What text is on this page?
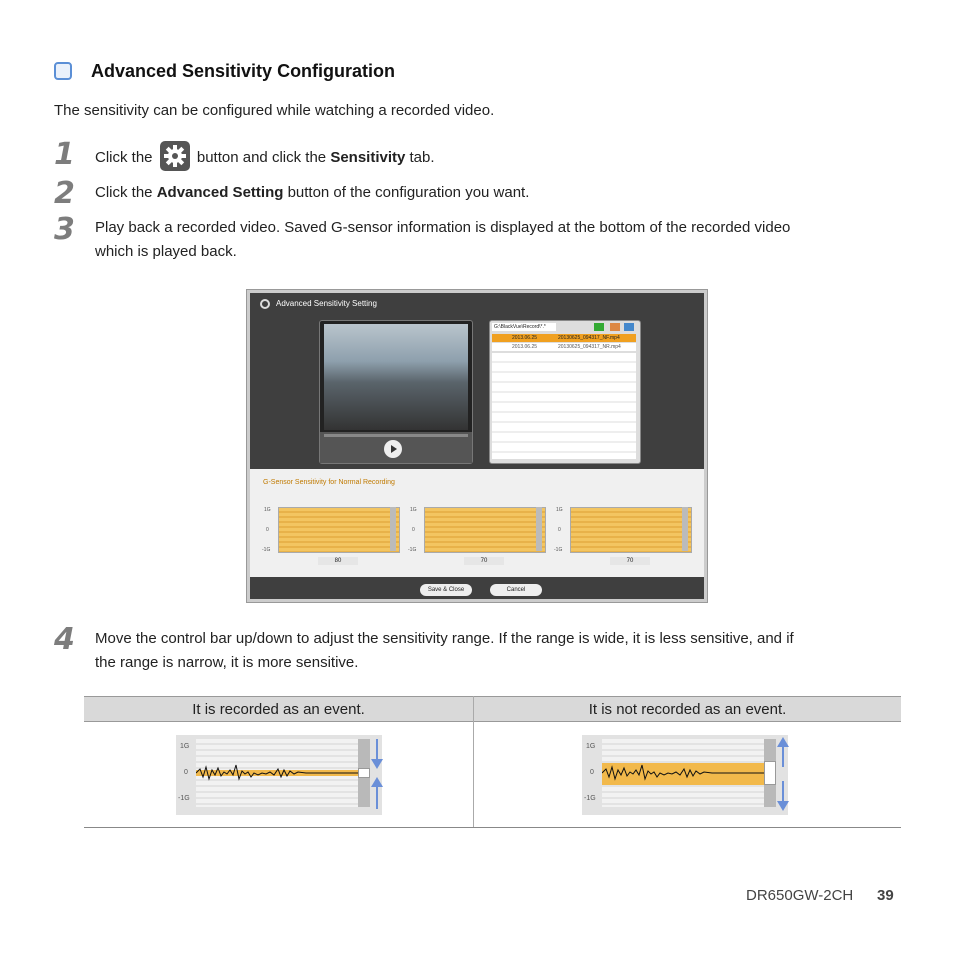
Advanced Sensitivity Configuration
The sensitivity can be configured while watching a recorded video.
1 Click the	button and click the Sensitivity tab.
2 Click the Advanced Setting button of the configuration you want.
3 Play back a recorded video. Saved G-sensor information is displayed at the bottom of the recorded video
which is played back.
Advanced Sensitivity Setting
G:\BlackVue\Record\*.*
2013.06.25	20130625_094317_NF.mp4
2013.06.25	20130625_094317_NR.mp4
G-Sensor Sensitivity for Normal Recording
1G
0
-1G
80
1G
0
-1G
70
1G
0
-1G
70
Save & Close	Cancel
4 Move the control bar up/down to adjust the sensitivity range. If the range is wide, it is less sensitive, and if
the range is narrow, it is more sensitive.
It is recorded as an event.	It is not recorded as an event.
1G
0
-1G
1G
0
-1G
DR650GW-2CH 39
